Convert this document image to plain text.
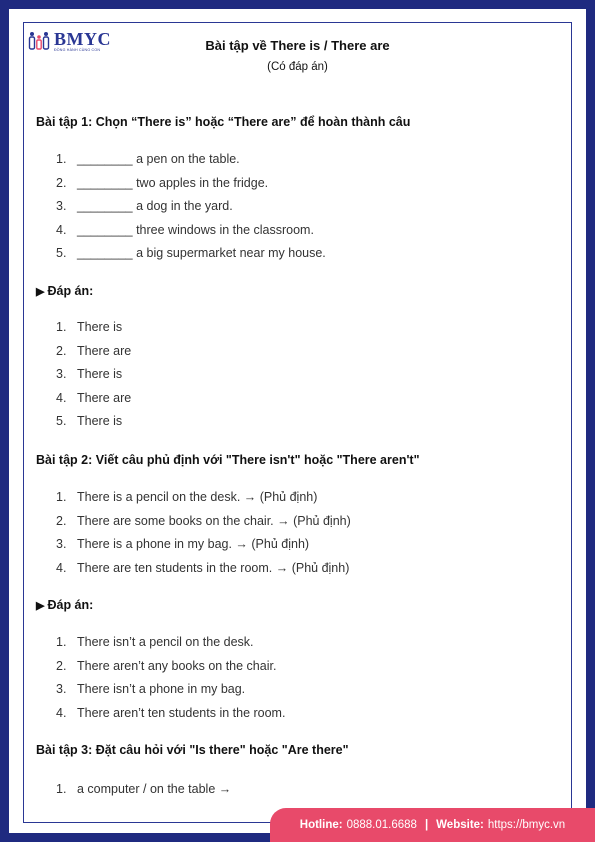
BMYC
ĐỒNG HÀNH CÙNG CON	Bài tập về There is / There are
(Có đáp án)
Bài tập 1: Chọn “There is” hoặc “There are” để hoàn thành câu
1. ________ a pen on the table.
2. ________ two apples in the fridge.
3. ________ a dog in the yard.
4. ________ three windows in the classroom.
5. ________ a big supermarket near my house.
▶ Đáp án:
1. There is
2. There are
3. There is
4. There are
5. There is
Bài tập 2: Viết câu phủ định với "There isn't" hoặc "There aren't"
1. There is a pencil on the desk. → (Phủ định)
2. There are some books on the chair. → (Phủ định)
3. There is a phone in my bag. → (Phủ định)
4. There are ten students in the room. → (Phủ định)
▶ Đáp án:
1. There isn’t a pencil on the desk.
2. There aren’t any books on the chair.
3. There isn’t a phone in my bag.
4. There aren’t ten students in the room.
Bài tập 3: Đặt câu hỏi với "Is there" hoặc "Are there"
1. a computer / on the table →
Hotline: 0888.01.6688 | Website: https://bmyc.vn
